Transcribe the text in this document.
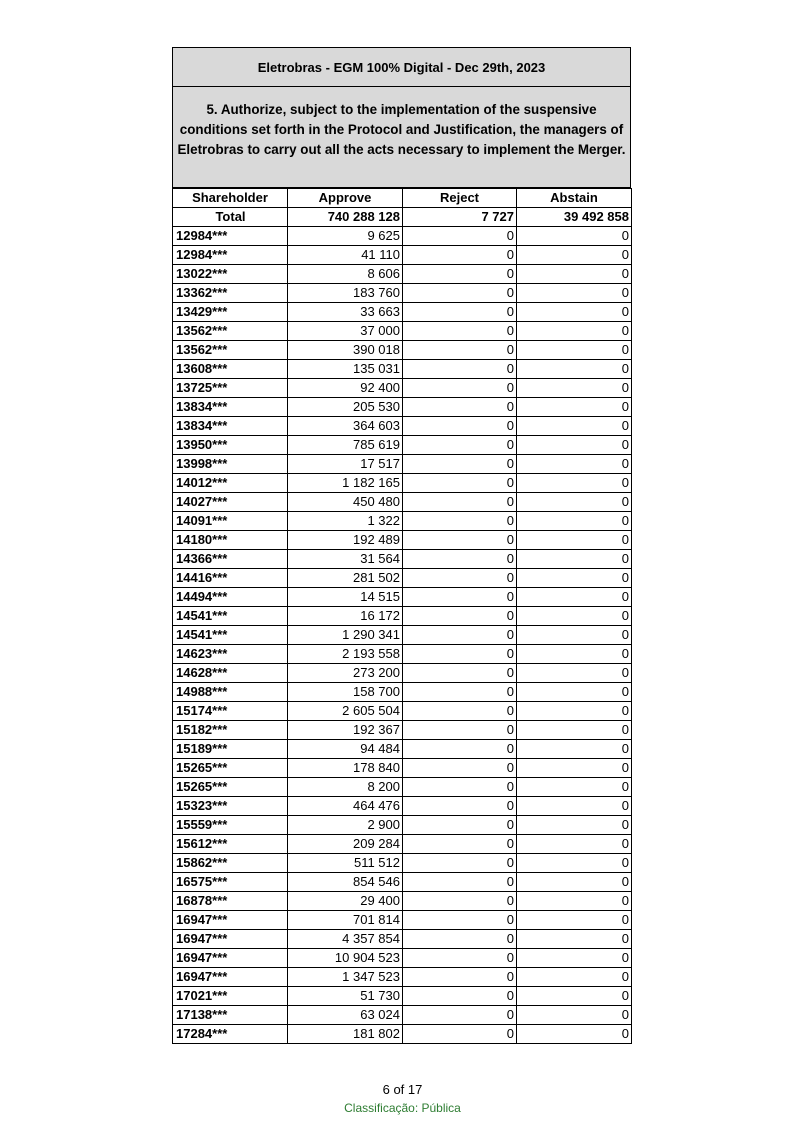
Eletrobras - EGM 100% Digital - Dec 29th, 2023
5. Authorize, subject to the implementation of the suspensive conditions set forth in the Protocol and Justification, the managers of Eletrobras to carry out all the acts necessary to implement the Merger.
Shareholder	Approve	Reject	Abstain
Total	740 288 128	7 727	39 492 858
12984***	9 625	0	0
12984***	41 110	0	0
13022***	8 606	0	0
13362***	183 760	0	0
13429***	33 663	0	0
13562***	37 000	0	0
13562***	390 018	0	0
13608***	135 031	0	0
13725***	92 400	0	0
13834***	205 530	0	0
13834***	364 603	0	0
13950***	785 619	0	0
13998***	17 517	0	0
14012***	1 182 165	0	0
14027***	450 480	0	0
14091***	1 322	0	0
14180***	192 489	0	0
14366***	31 564	0	0
14416***	281 502	0	0
14494***	14 515	0	0
14541***	16 172	0	0
14541***	1 290 341	0	0
14623***	2 193 558	0	0
14628***	273 200	0	0
14988***	158 700	0	0
15174***	2 605 504	0	0
15182***	192 367	0	0
15189***	94 484	0	0
15265***	178 840	0	0
15265***	8 200	0	0
15323***	464 476	0	0
15559***	2 900	0	0
15612***	209 284	0	0
15862***	511 512	0	0
16575***	854 546	0	0
16878***	29 400	0	0
16947***	701 814	0	0
16947***	4 357 854	0	0
16947***	10 904 523	0	0
16947***	1 347 523	0	0
17021***	51 730	0	0
17138***	63 024	0	0
17284***	181 802	0	0
6 of 17
Classificação: Pública
